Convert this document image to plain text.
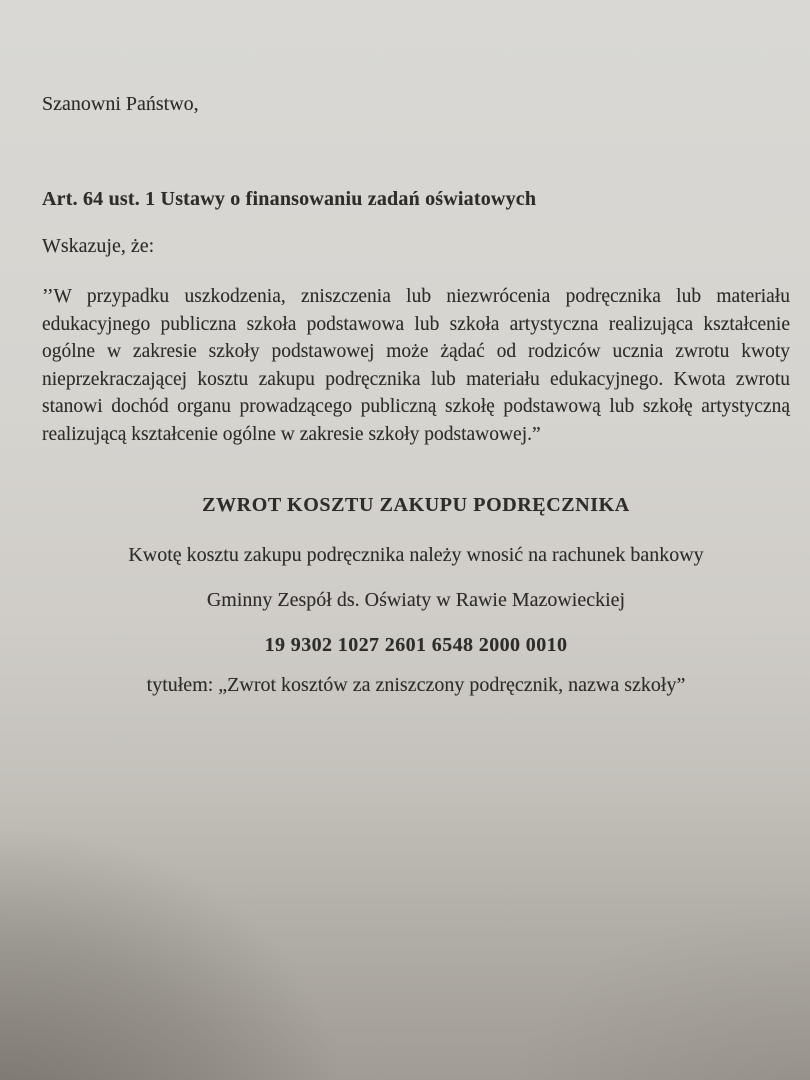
Szanowni Państwo,
Art. 64 ust. 1 Ustawy o finansowaniu zadań oświatowych
Wskazuje, że:
’’W przypadku uszkodzenia, zniszczenia lub niezwrócenia podręcznika lub materiału edukacyjnego publiczna szkoła podstawowa lub szkoła artystyczna realizująca kształcenie ogólne w zakresie szkoły podstawowej może żądać od rodziców ucznia zwrotu kwoty nieprzekraczającej kosztu zakupu podręcznika lub materiału edukacyjnego. Kwota zwrotu stanowi dochód organu prowadzącego publiczną szkołę podstawową lub szkołę artystyczną realizującą kształcenie ogólne w zakresie szkoły podstawowej.”
ZWROT KOSZTU ZAKUPU PODRĘCZNIKA
Kwotę kosztu zakupu podręcznika należy wnosić na rachunek bankowy
Gminny Zespół ds. Oświaty w Rawie Mazowieckiej
19 9302 1027 2601 6548 2000 0010
tytułem: „Zwrot kosztów za zniszczony podręcznik, nazwa szkoły”
